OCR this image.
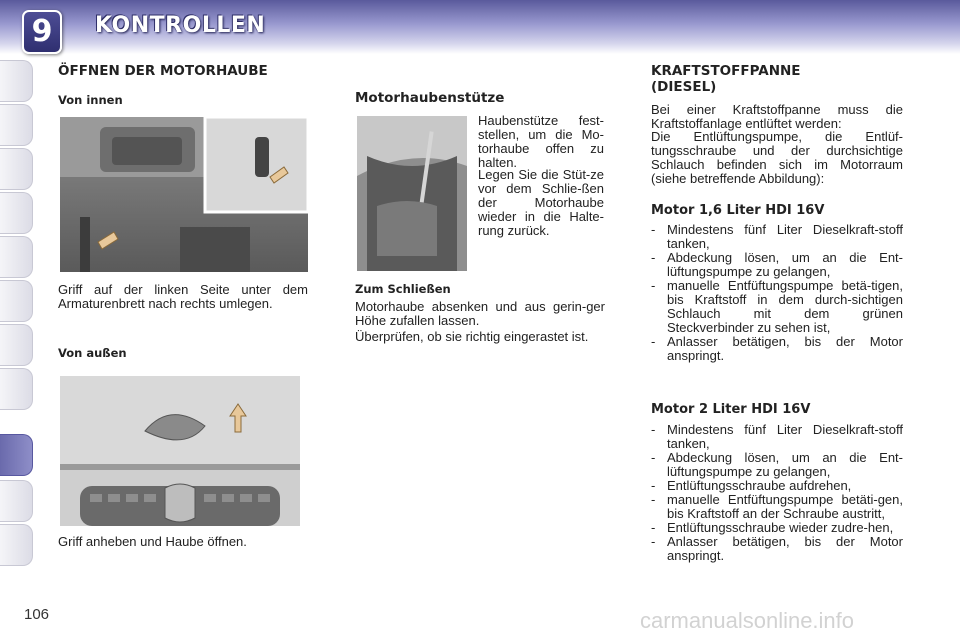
9	KONTROLLEN
ÖFFNEN DER MOTORHAUBE
Von innen
Griff auf der linken Seite unter dem Armaturenbrett nach rechts umlegen.
Von außen
Griff anheben und Haube öffnen.
Motorhaubenstütze
Haubenstütze fest-stellen, um die Mo-torhaube offen zu halten.
Legen Sie die Stüt-ze vor dem Schlie-ßen der Motorhaube wieder in die Halte-rung zurück.
Zum Schließen
Motorhaube absenken und aus gerin-ger Höhe zufallen lassen.
Überprüfen, ob sie richtig eingerastet ist.
KRAFTSTOFFPANNE
(DIESEL)
Bei einer Kraftstoffpanne muss die Kraftstoffanlage entlüftet werden:
Die Entlüftungspumpe, die Entlüf-tungsschraube und der durchsichtige Schlauch befinden sich im Motorraum (siehe betreffende Abbildung):
Motor 1,6 Liter HDI 16V
- Mindestens fünf Liter Dieselkraft-stoff tanken,
- Abdeckung lösen, um an die Ent-lüftungspumpe zu gelangen,
- manuelle Entfüftungspumpe betä-tigen, bis Kraftstoff in dem durch-sichtigen Schlauch mit dem grünen Steckverbinder zu sehen ist,
- Anlasser betätigen, bis der Motor anspringt.
Motor 2 Liter HDI 16V
- Mindestens fünf Liter Dieselkraft-stoff tanken,
- Abdeckung lösen, um an die Ent-lüftungspumpe zu gelangen,
- Entlüftungsschraube aufdrehen,
- manuelle Entfüftungspumpe betäti-gen, bis Kraftstoff an der Schraube austritt,
- Entlüftungsschraube wieder zudre-hen,
- Anlasser betätigen, bis der Motor anspringt.
106	carmanualsonline.info
